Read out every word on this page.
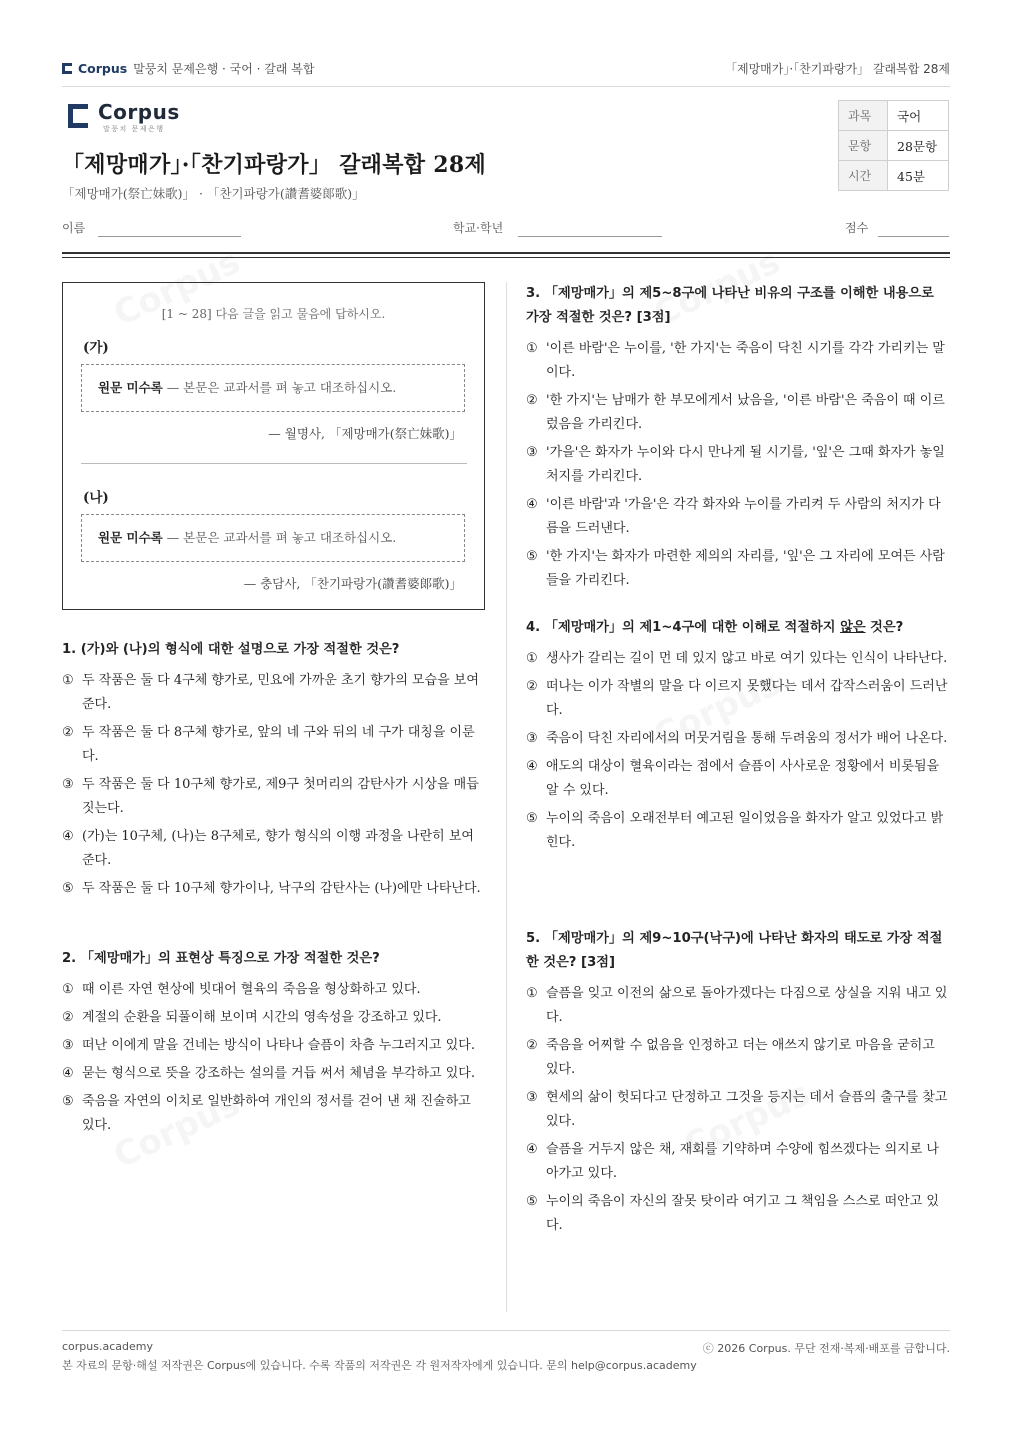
Corpus 말뭉치 문제은행 · 국어 · 갈래 복합	「제망매가」·「찬기파랑가」 갈래복합 28제
Corpus
말뭉치 문제은행
「제망매가」·「찬기파랑가」 갈래복합 28제
「제망매가(祭亡妹歌)」 · 「찬기파랑가(讚耆婆郞歌)」
과목	국어
문항	28문항
시간	45분
이름	학교·학년	점수
[1 ~ 28] 다음 글을 읽고 물음에 답하시오.
(가)
원문 미수록 — 본문은 교과서를 펴 놓고 대조하십시오.
— 월명사, 「제망매가(祭亡妹歌)」
(나)
원문 미수록 — 본문은 교과서를 펴 놓고 대조하십시오.
— 충담사, 「찬기파랑가(讚耆婆郞歌)」
1. (가)와 (나)의 형식에 대한 설명으로 가장 적절한 것은?
① 두 작품은 둘 다 4구체 향가로, 민요에 가까운 초기 향가의 모습을 보여 준다.
② 두 작품은 둘 다 8구체 향가로, 앞의 네 구와 뒤의 네 구가 대칭을 이룬다.
③ 두 작품은 둘 다 10구체 향가로, 제9구 첫머리의 감탄사가 시상을 매듭짓는다.
④ (가)는 10구체, (나)는 8구체로, 향가 형식의 이행 과정을 나란히 보여 준다.
⑤ 두 작품은 둘 다 10구체 향가이나, 낙구의 감탄사는 (나)에만 나타난다.
2. 「제망매가」의 표현상 특징으로 가장 적절한 것은?
① 때 이른 자연 현상에 빗대어 혈육의 죽음을 형상화하고 있다.
② 계절의 순환을 되풀이해 보이며 시간의 영속성을 강조하고 있다.
③ 떠난 이에게 말을 건네는 방식이 나타나 슬픔이 차츰 누그러지고 있다.
④ 묻는 형식으로 뜻을 강조하는 설의를 거듭 써서 체념을 부각하고 있다.
⑤ 죽음을 자연의 이치로 일반화하여 개인의 정서를 걷어 낸 채 진술하고 있다.
3. 「제망매가」의 제5~8구에 나타난 비유의 구조를 이해한 내용으로 가장 적절한 것은? [3점]
① '이른 바람'은 누이를, '한 가지'는 죽음이 닥친 시기를 각각 가리키는 말이다.
② '한 가지'는 남매가 한 부모에게서 났음을, '이른 바람'은 죽음이 때 이르렀음을 가리킨다.
③ '가을'은 화자가 누이와 다시 만나게 될 시기를, '잎'은 그때 화자가 놓일 처지를 가리킨다.
④ '이른 바람'과 '가을'은 각각 화자와 누이를 가리켜 두 사람의 처지가 다름을 드러낸다.
⑤ '한 가지'는 화자가 마련한 제의의 자리를, '잎'은 그 자리에 모여든 사람들을 가리킨다.
4. 「제망매가」의 제1~4구에 대한 이해로 적절하지 않은 것은?
① 생사가 갈리는 길이 먼 데 있지 않고 바로 여기 있다는 인식이 나타난다.
② 떠나는 이가 작별의 말을 다 이르지 못했다는 데서 갑작스러움이 드러난다.
③ 죽음이 닥친 자리에서의 머뭇거림을 통해 두려움의 정서가 배어 나온다.
④ 애도의 대상이 혈육이라는 점에서 슬픔이 사사로운 정황에서 비롯됨을 알 수 있다.
⑤ 누이의 죽음이 오래전부터 예고된 일이었음을 화자가 알고 있었다고 밝힌다.
5. 「제망매가」의 제9~10구(낙구)에 나타난 화자의 태도로 가장 적절한 것은? [3점]
① 슬픔을 잊고 이전의 삶으로 돌아가겠다는 다짐으로 상실을 지워 내고 있다.
② 죽음을 어찌할 수 없음을 인정하고 더는 애쓰지 않기로 마음을 굳히고 있다.
③ 현세의 삶이 헛되다고 단정하고 그것을 등지는 데서 슬픔의 출구를 찾고 있다.
④ 슬픔을 거두지 않은 채, 재회를 기약하며 수양에 힘쓰겠다는 의지로 나아가고 있다.
⑤ 누이의 죽음이 자신의 잘못 탓이라 여기고 그 책임을 스스로 떠안고 있다.
corpus.academy	ⓒ 2026 Corpus. 무단 전재·복제·배포를 금합니다.
본 자료의 문항·해설 저작권은 Corpus에 있습니다. 수록 작품의 저작권은 각 원저작자에게 있습니다. 문의 help@corpus.academy
